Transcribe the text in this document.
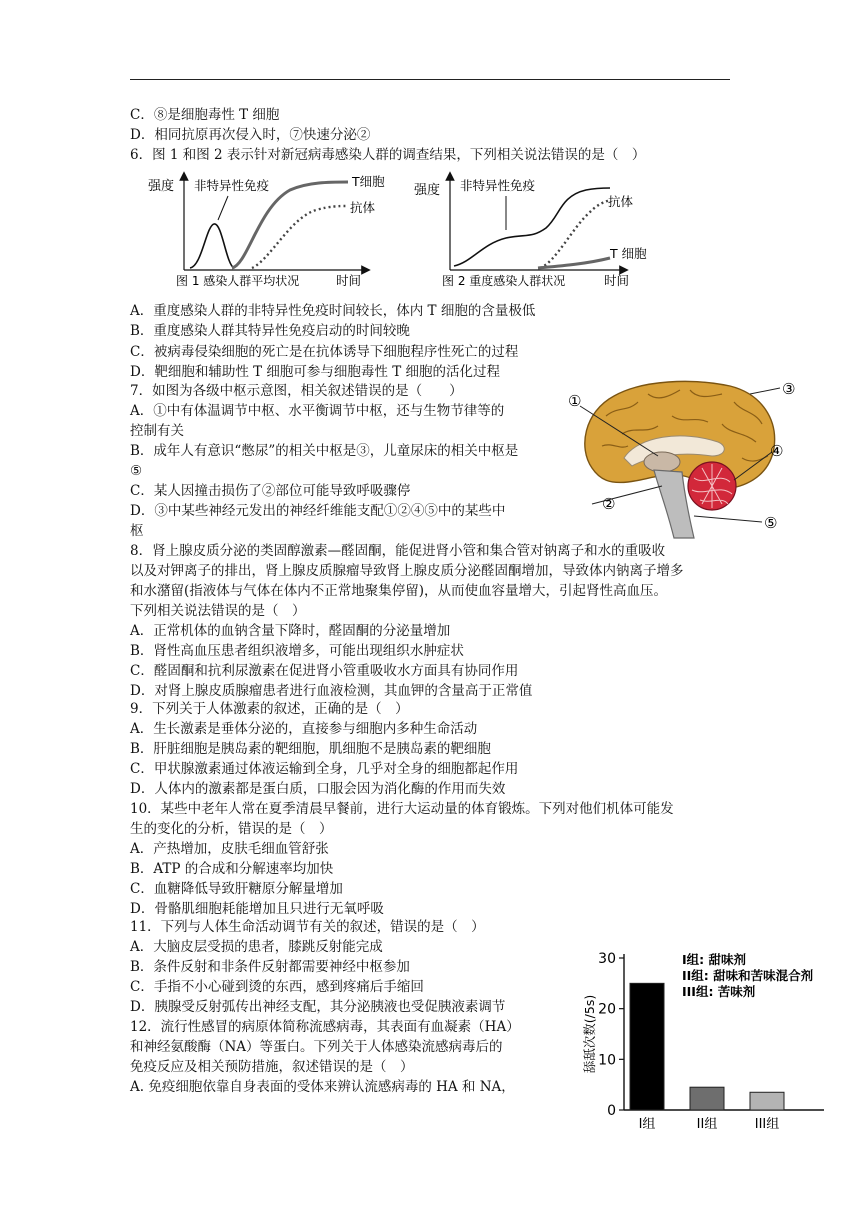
C．⑧是细胞毒性 T 细胞
D．相同抗原再次侵入时，⑦快速分泌②
6．图 1 和图 2 表示针对新冠病毒感染人群的调查结果，下列相关说法错误的是（　）
强度 非特异性免疫	T细胞
抗体
图 1 感染人群平均状况	时间
强度 非特异性免疫
抗体
T 细胞
图 2 重度感染人群状况	时间
A．重度感染人群的非特异性免疫时间较长，体内 T 细胞的含量极低
B．重度感染人群其特异性免疫启动的时间较晚
C．被病毒侵染细胞的死亡是在抗体诱导下细胞程序性死亡的过程
D．靶细胞和辅助性 T 细胞可参与细胞毒性 T 细胞的活化过程
7．如图为各级中枢示意图，相关叙述错误的是（　　）
A．①中有体温调节中枢、水平衡调节中枢，还与生物节律等的
控制有关
B．成年人有意识“憋尿”的相关中枢是③，儿童尿床的相关中枢是
⑤
C．某人因撞击损伤了②部位可能导致呼吸骤停
D．③中某些神经元发出的神经纤维能支配①②④⑤中的某些中
枢
①
②
③
④
⑤
8．肾上腺皮质分泌的类固醇激素—醛固酮，能促进肾小管和集合管对钠离子和水的重吸收
以及对钾离子的排出，肾上腺皮质腺瘤导致肾上腺皮质分泌醛固酮增加，导致体内钠离子增多
和水潴留(指液体与气体在体内不正常地聚集停留)，从而使血容量增大，引起肾性高血压。
下列相关说法错误的是（　）
A．正常机体的血钠含量下降时，醛固酮的分泌量增加
B．肾性高血压患者组织液增多，可能出现组织水肿症状
C．醛固酮和抗利尿激素在促进肾小管重吸收水方面具有协同作用
D．对肾上腺皮质腺瘤患者进行血液检测，其血钾的含量高于正常值
9．下列关于人体激素的叙述，正确的是（　）
A．生长激素是垂体分泌的，直接参与细胞内多种生命活动
B．肝脏细胞是胰岛素的靶细胞，肌细胞不是胰岛素的靶细胞
C．甲状腺激素通过体液运输到全身，几乎对全身的细胞都起作用
D．人体内的激素都是蛋白质，口服会因为消化酶的作用而失效
10．某些中老年人常在夏季清晨早餐前，进行大运动量的体育锻炼。下列对他们机体可能发
生的变化的分析，错误的是（　）
A．产热增加，皮肤毛细血管舒张
B．ATP 的合成和分解速率均加快
C．血糖降低导致肝糖原分解量增加
D．骨骼肌细胞耗能增加且只进行无氧呼吸
11．下列与人体生命活动调节有关的叙述，错误的是（　）
A．大脑皮层受损的患者，膝跳反射能完成
B．条件反射和非条件反射都需要神经中枢参加
C．手指不小心碰到烫的东西，感到疼痛后手缩回
D．胰腺受反射弧传出神经支配，其分泌胰液也受促胰液素调节
12．流行性感冒的病原体简称流感病毒，其表面有血凝素（HA）
和神经氨酸酶（NA）等蛋白。下列关于人体感染流感病毒后的
免疫反应及相关预防措施，叙述错误的是（　）
A. 免疫细胞依靠自身表面的受体来辨认流感病毒的 HA 和 NA，
0
10
20
30
舔舐次数(/5s)
I组	II组	III组
I组: 甜味剂
II组: 甜味和苦味混合剂
III组: 苦味剂
